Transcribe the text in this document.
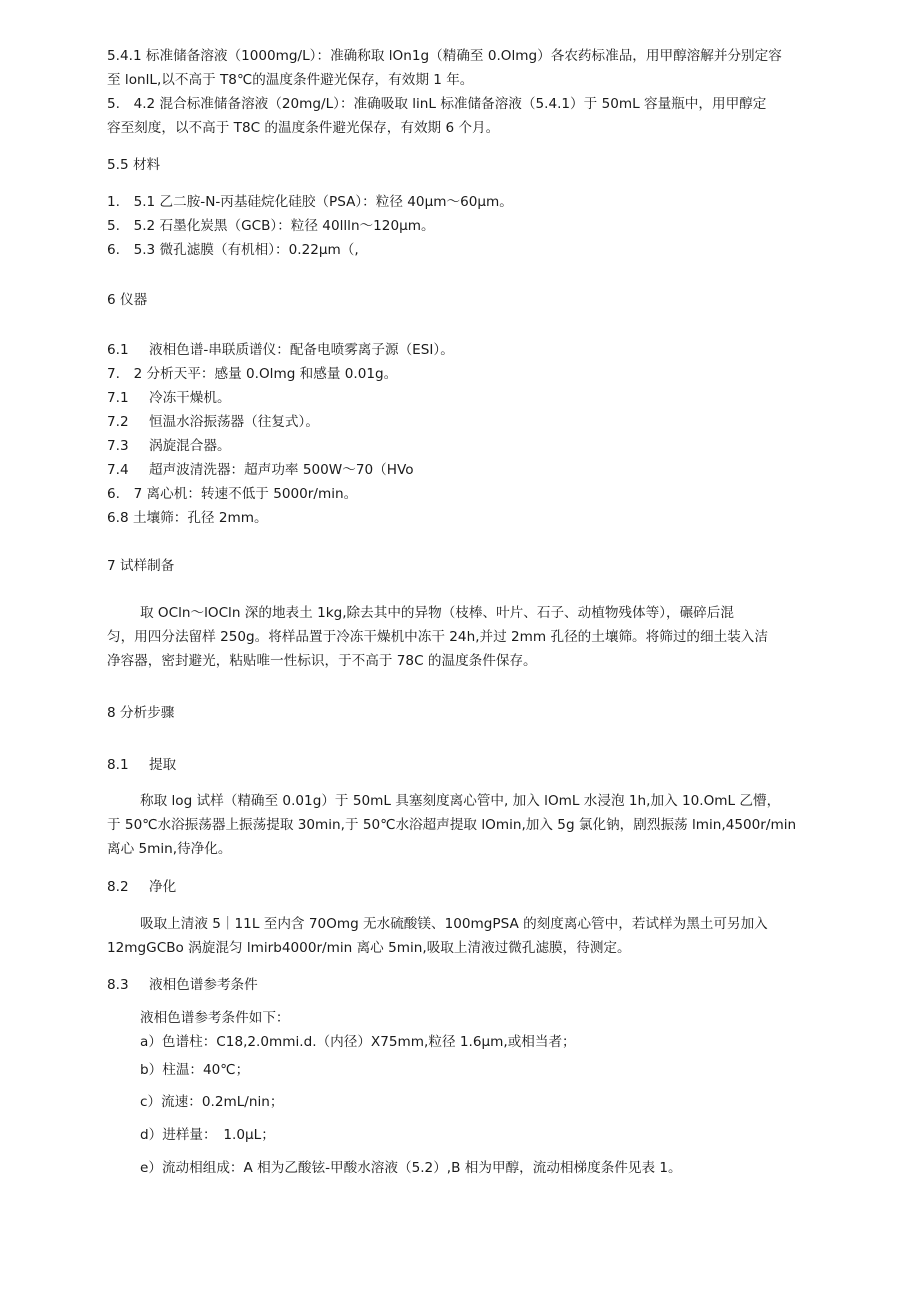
5.4.1 标准储备溶液（1000mg∕L）：准确称取 lOn1g（精确至 0.Olmg）各农药标准品，用甲醇溶解并分别定容
至 lonlL,以不高于 T8℃的温度条件避光保存，有效期 1 年。
5.　4.2 混合标准储备溶液（20mg∕L）：准确吸取 linL 标准储备溶液（5.4.1）于 50mL 容量瓶中，用甲醇定
容至刻度，以不高于 T8C 的温度条件避光保存，有效期 6 个月。
5.5 材料
1.　5.1 乙二胺-N-丙基硅烷化硅胶（PSA）：粒径 40μm～60μm。
5.　5.2 石墨化炭黑（GCB）：粒径 40llln～120μm。
6.　5.3 微孔滤膜（有机相）：0.22μm（,
6 仪器
6.1 液相色谱-串联质谱仪：配备电喷雾离子源（ESI）。
7.　2 分析天平：感量 0.Olmg 和感量 0.01g。
7.1 冷冻干燥机。
7.2 恒温水浴振荡器（往复式）。
7.3 涡旋混合器。
7.4 超声波清洗器：超声功率 500W～70（HVo
6.　7 离心机：转速不低于 5000r/min。
6.8 土壤筛：孔径 2mm。
7 试样制备
取 OCln～lOCln 深的地表土 1kg,除去其中的异物（枝棒、叶片、石子、动植物残体等），碾碎后混
匀，用四分法留样 250g。将样品置于冷冻干燥机中冻干 24h,并过 2mm 孔径的土壤筛。将筛过的细土装入洁
净容器，密封避光，粘贴唯一性标识，于不高于 78C 的温度条件保存。
8 分析步骤
8.1 提取
称取 log 试样（精确至 0.01g）于 50mL 具塞刻度离心管中, 加入 lOmL 水浸泡 1h,加入 10.OmL 乙懵，
于 50℃水浴振荡器上振荡提取 30min,于 50℃水浴超声提取 lOmin,加入 5g 氯化钠，剧烈振荡 lmin,4500r/min
离心 5min,待净化。
8.2 净化
吸取上清液 5｜11L 至内含 70Omg 无水硫酸镁、100mgPSA 的刻度离心管中，若试样为黑土可另加入
12mgGCBo 涡旋混匀 lmirb4000r/min 离心 5min,吸取上清液过微孔滤膜，待测定。
8.3 液相色谱参考条件
液相色谱参考条件如下：
a）色谱柱：C18,2.0mmi.d.（内径）X75mm,粒径 1.6μm,或相当者；
b）柱温：40℃；
c）流速：0.2mL∕nin；
d）进样量：　1.0μL；
e）流动相组成：A 相为乙酸铉-甲酸水溶液（5.2）,B 相为甲醇，流动相梯度条件见表 1。
